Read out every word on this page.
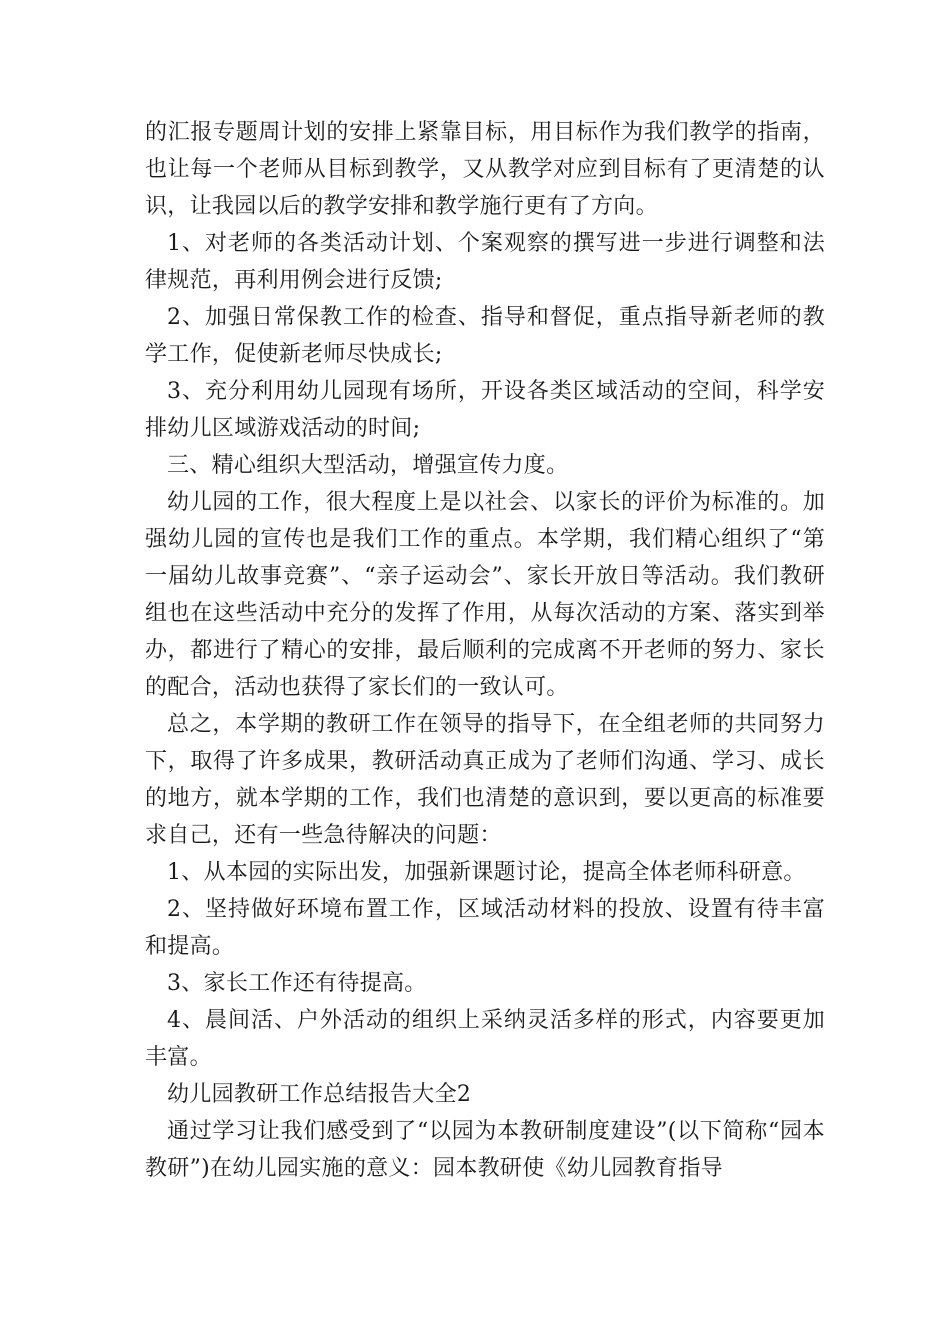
的汇报专题周计划的安排上紧靠目标，用目标作为我们教学的指南，也让每一个老师从目标到教学，又从教学对应到目标有了更清楚的认识，让我园以后的教学安排和教学施行更有了方向。

1、对老师的各类活动计划、个案观察的撰写进一步进行调整和法律规范，再利用例会进行反馈;

2、加强日常保教工作的检查、指导和督促，重点指导新老师的教学工作，促使新老师尽快成长;

3、充分利用幼儿园现有场所，开设各类区域活动的空间，科学安排幼儿区域游戏活动的时间;

三、精心组织大型活动，增强宣传力度。

幼儿园的工作，很大程度上是以社会、以家长的评价为标准的。加强幼儿园的宣传也是我们工作的重点。本学期，我们精心组织了“第一届幼儿故事竞赛”、“亲子运动会”、家长开放日等活动。我们教研组也在这些活动中充分的发挥了作用，从每次活动的方案、落实到举办，都进行了精心的安排，最后顺利的完成离不开老师的努力、家长的配合，活动也获得了家长们的一致认可。

总之，本学期的教研工作在领导的指导下，在全组老师的共同努力下，取得了许多成果，教研活动真正成为了老师们沟通、学习、成长的地方，就本学期的工作，我们也清楚的意识到，要以更高的标准要求自己，还有一些急待解决的问题：

1、从本园的实际出发，加强新课题讨论，提高全体老师科研意。

2、坚持做好环境布置工作，区域活动材料的投放、设置有待丰富和提高。

3、家长工作还有待提高。

4、晨间活、户外活动的组织上采纳灵活多样的形式，内容要更加丰富。

幼儿园教研工作总结报告大全2

通过学习让我们感受到了“以园为本教研制度建设”(以下简称“园本教研”)在幼儿园实施的意义：园本教研使《幼儿园教育指导
